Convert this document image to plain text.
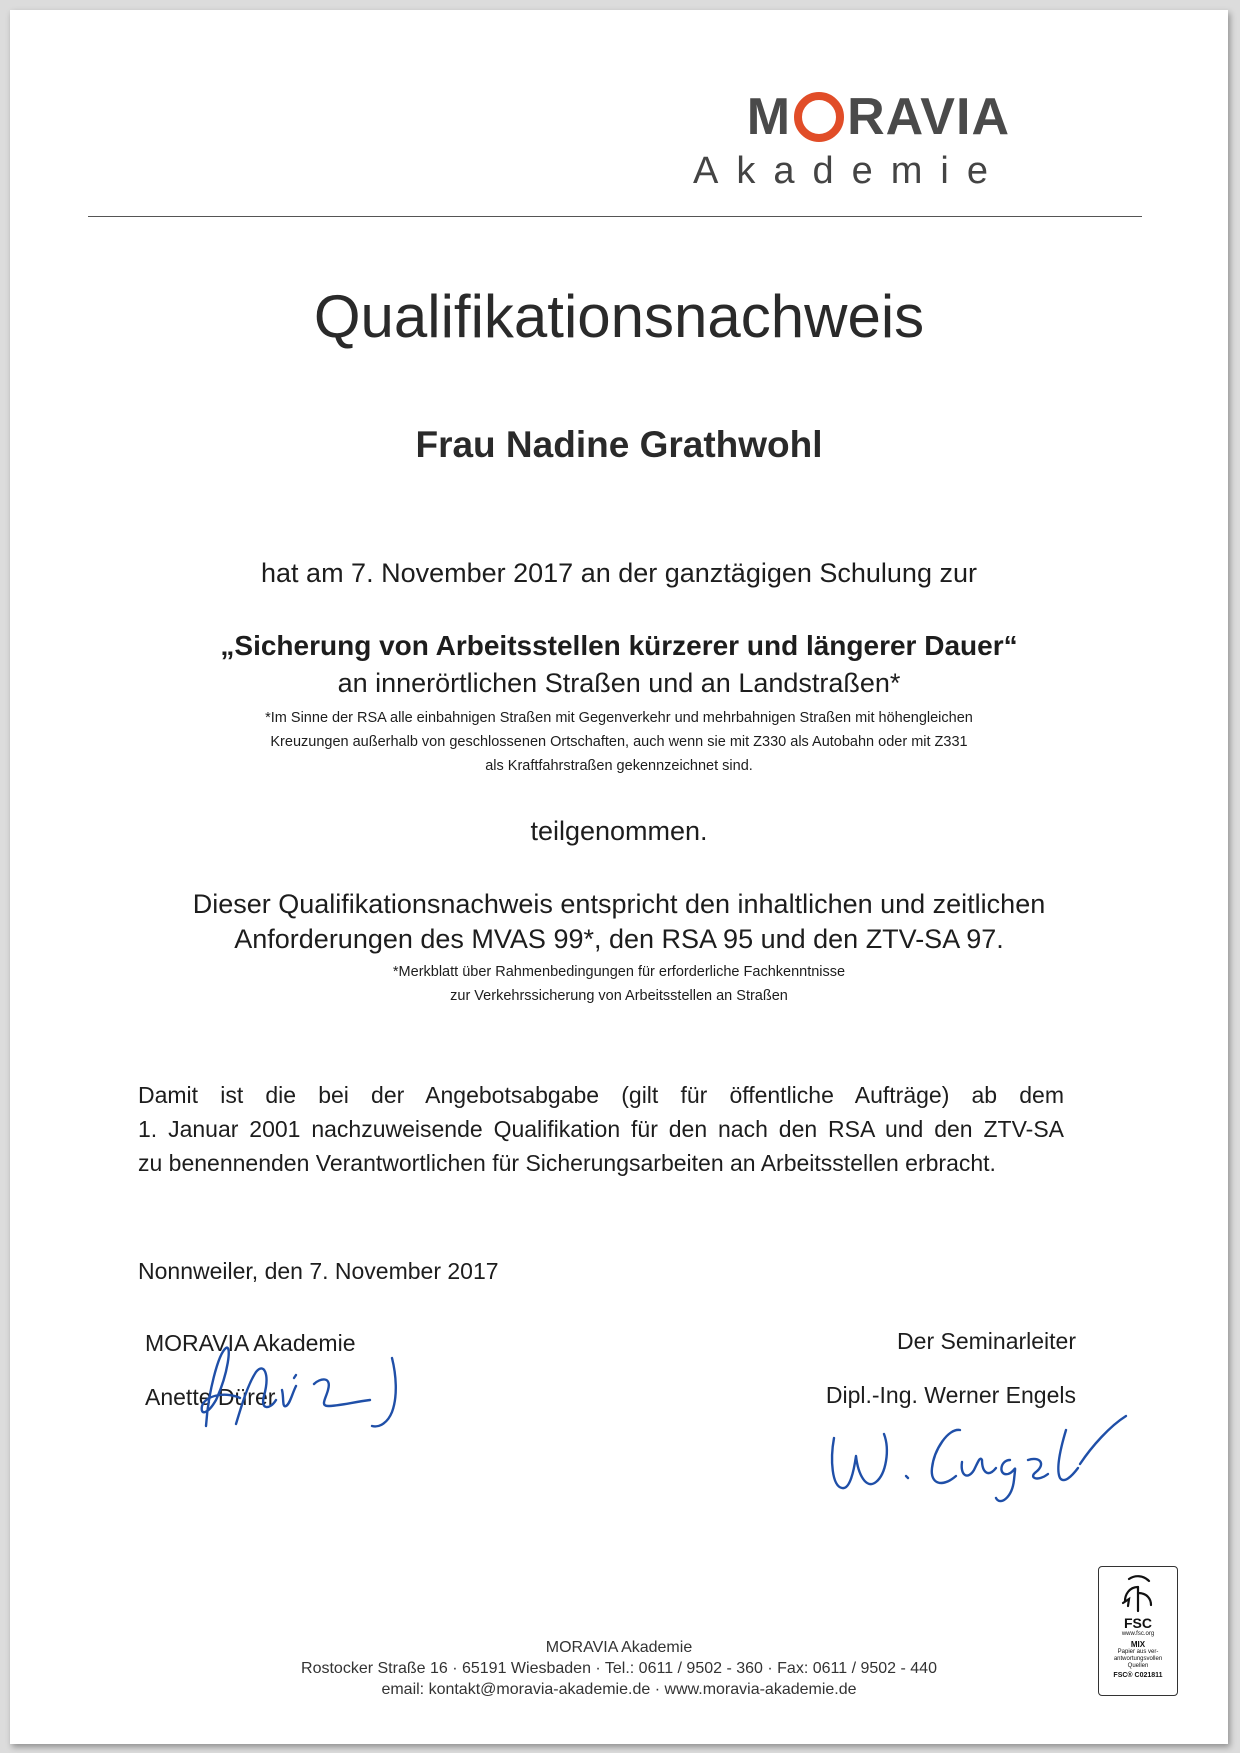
M RAVIA
Akademie
Qualifikationsnachweis
Frau Nadine Grathwohl
hat am 7. November 2017 an der ganztägigen Schulung zur
„Sicherung von Arbeitsstellen kürzerer und längerer Dauer“
an innerörtlichen Straßen und an Landstraßen*
*Im Sinne der RSA alle einbahnigen Straßen mit Gegenverkehr und mehrbahnigen Straßen mit höhengleichen
Kreuzungen außerhalb von geschlossenen Ortschaften, auch wenn sie mit Z330 als Autobahn oder mit Z331
als Kraftfahrstraßen gekennzeichnet sind.
teilgenommen.
Dieser Qualifikationsnachweis entspricht den inhaltlichen und zeitlichen
Anforderungen des MVAS 99*, den RSA 95 und den ZTV-SA 97.
*Merkblatt über Rahmenbedingungen für erforderliche Fachkenntnisse
zur Verkehrssicherung von Arbeitsstellen an Straßen
Damit ist die bei der Angebotsabgabe (gilt für öffentliche Aufträge) ab dem
1. Januar 2001 nachzuweisende Qualifikation für den nach den RSA und den ZTV-SA
zu benennenden Verantwortlichen für Sicherungsarbeiten an Arbeitsstellen erbracht.
Nonnweiler, den 7. November 2017
MORAVIA Akademie
Anette Dürer
Der Seminarleiter
Dipl.-Ing. Werner Engels
MORAVIA Akademie
Rostocker Straße 16 · 65191 Wiesbaden · Tel.: 0611 / 9502 - 360 · Fax: 0611 / 9502 - 440
email: kontakt@moravia-akademie.de · www.moravia-akademie.de
FSC
www.fsc.org
MIX
Papier aus ver-
antwortungsvollen
Quellen
FSC® C021811
